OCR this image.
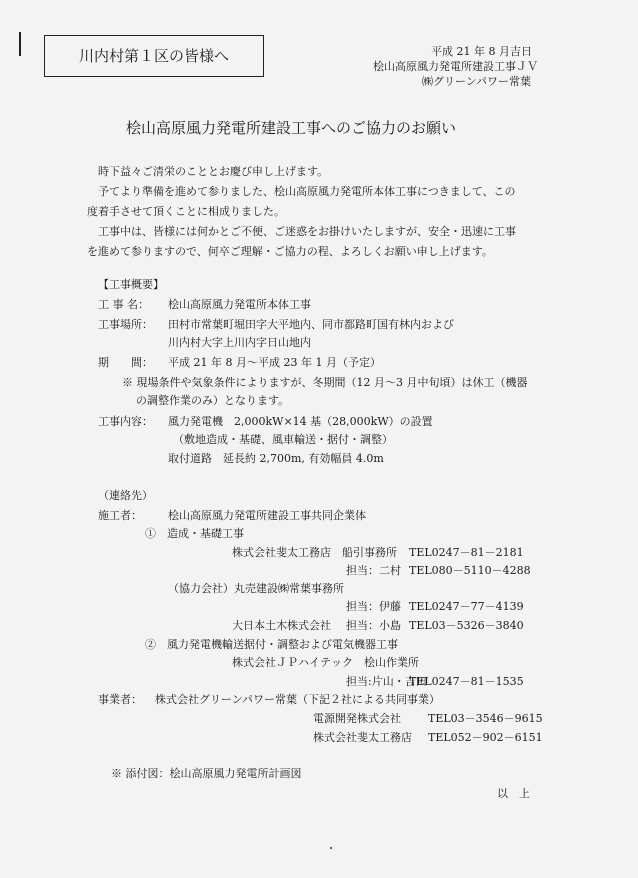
川内村第１区の皆様へ	平成 21 年 8 月吉日
桧山高原風力発電所建設工事ＪＶ
㈱グリーンパワー常葉
桧山高原風力発電所建設工事へのご協力のお願い
時下益々ご清栄のこととお慶び申し上げます。
予てより準備を進めて参りました、桧山高原風力発電所本体工事につきまして、この
度着手させて頂くことに相成りました。
工事中は、皆様には何かとご不便、ご迷惑をお掛けいたしますが、安全・迅速に工事
を進めて参りますので、何卒ご理解・ご協力の程、よろしくお願い申し上げます。
【工事概要】
工 事 名： 桧山高原風力発電所本体工事
工事場所： 田村市常葉町堀田字大平地内、同市都路町国有林内および
川内村大字上川内字日山地内
期　　間： 平成 21 年 8 月～平成 23 年 1 月（予定）
※ 現場条件や気象条件によりますが、冬期間（12 月～3 月中旬頃）は休工（機器
の調整作業のみ）となります。
工事内容： 風力発電機　2,000kW×14 基（28,000kW）の設置
（敷地造成・基礎、風車輸送・据付・調整）
取付道路　延長約 2,700m, 有効幅員 4.0m
（連絡先）
施工者： 桧山高原風力発電所建設工事共同企業体
①　造成・基礎工事
株式会社斐太工務店　船引事務所 TEL0247－81－2181
担当：二村 TEL080－5110－4288
（協力会社）丸売建設㈱常葉事務所
担当：伊藤 TEL0247－77－4139
大日本土木株式会社 担当：小島 TEL03－5326－3840
②　風力発電機輸送据付・調整および電気機器工事
株式会社ＪＰハイテック　桧山作業所
担当:片山・吉田
TEL0247－81－1535
事業者： 株式会社グリーンパワー常葉（下記２社による共同事業）
電源開発株式会社 TEL03－3546－9615
株式会社斐太工務店 TEL052－902－6151
※ 添付図：桧山高原風力発電所計画図
以　上
